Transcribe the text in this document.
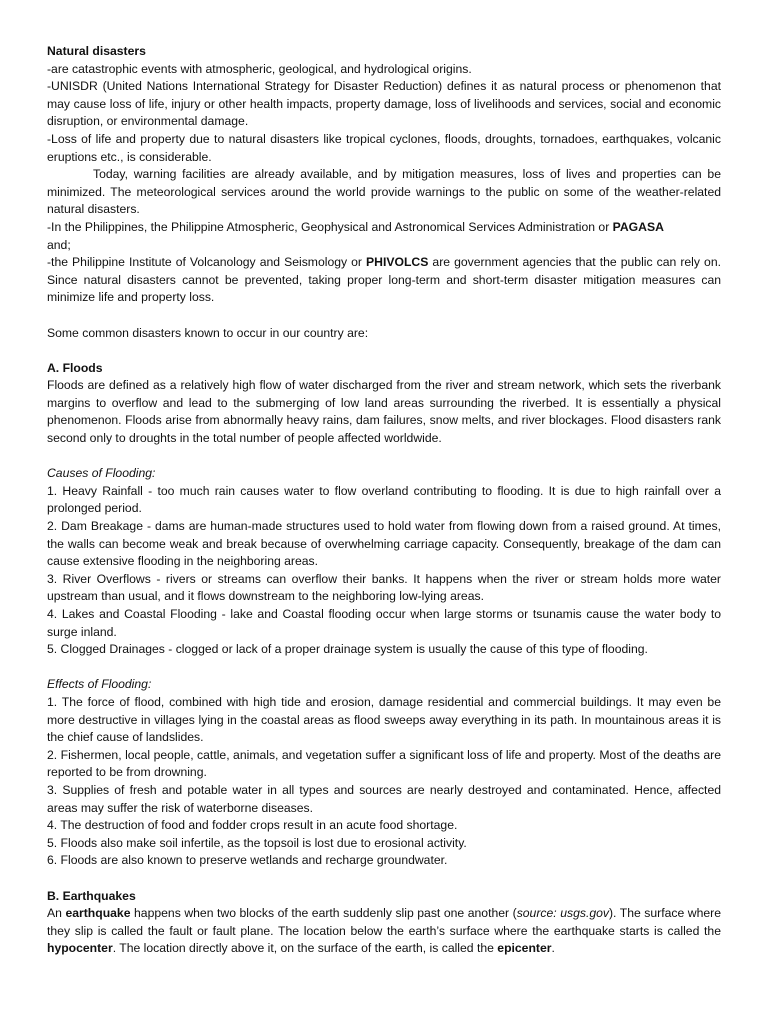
Natural disasters

-are catastrophic events with atmospheric, geological, and hydrological origins.

-UNISDR (United Nations International Strategy for Disaster Reduction) defines it as natural process or phenomenon that may cause loss of life, injury or other health impacts, property damage, loss of livelihoods and services, social and economic disruption, or environmental damage.

-Loss of life and property due to natural disasters like tropical cyclones, floods, droughts, tornadoes, earthquakes, volcanic eruptions etc., is considerable.

Today, warning facilities are already available, and by mitigation measures, loss of lives and properties can be minimized. The meteorological services around the world provide warnings to the public on some of the weather-related natural disasters.

-In the Philippines, the Philippine Atmospheric, Geophysical and Astronomical Services Administration or PAGASA

and;

-the Philippine Institute of Volcanology and Seismology or PHIVOLCS are government agencies that the public can rely on. Since natural disasters cannot be prevented, taking proper long-term and short-term disaster mitigation measures can minimize life and property loss.

Some common disasters known to occur in our country are:

A. Floods

Floods are defined as a relatively high flow of water discharged from the river and stream network, which sets the riverbank margins to overflow and lead to the submerging of low land areas surrounding the riverbed. It is essentially a physical phenomenon. Floods arise from abnormally heavy rains, dam failures, snow melts, and river blockages. Flood disasters rank second only to droughts in the total number of people affected worldwide.

Causes of Flooding:

1. Heavy Rainfall - too much rain causes water to flow overland contributing to flooding. It is due to high rainfall over a prolonged period.

2. Dam Breakage - dams are human-made structures used to hold water from flowing down from a raised ground. At times, the walls can become weak and break because of overwhelming carriage capacity. Consequently, breakage of the dam can cause extensive flooding in the neighboring areas.

3. River Overflows - rivers or streams can overflow their banks. It happens when the river or stream holds more water upstream than usual, and it flows downstream to the neighboring low-lying areas.

4. Lakes and Coastal Flooding - lake and Coastal flooding occur when large storms or tsunamis cause the water body to surge inland.

5. Clogged Drainages - clogged or lack of a proper drainage system is usually the cause of this type of flooding.

Effects of Flooding:

1. The force of flood, combined with high tide and erosion, damage residential and commercial buildings. It may even be more destructive in villages lying in the coastal areas as flood sweeps away everything in its path. In mountainous areas it is the chief cause of landslides.

2. Fishermen, local people, cattle, animals, and vegetation suffer a significant loss of life and property. Most of the deaths are reported to be from drowning.

3. Supplies of fresh and potable water in all types and sources are nearly destroyed and contaminated. Hence, affected areas may suffer the risk of waterborne diseases.

4. The destruction of food and fodder crops result in an acute food shortage.

5. Floods also make soil infertile, as the topsoil is lost due to erosional activity.

6. Floods are also known to preserve wetlands and recharge groundwater.

B. Earthquakes

An earthquake happens when two blocks of the earth suddenly slip past one another (source: usgs.gov). The surface where they slip is called the fault or fault plane. The location below the earth’s surface where the earthquake starts is called the hypocenter. The location directly above it, on the surface of the earth, is called the epicenter.
